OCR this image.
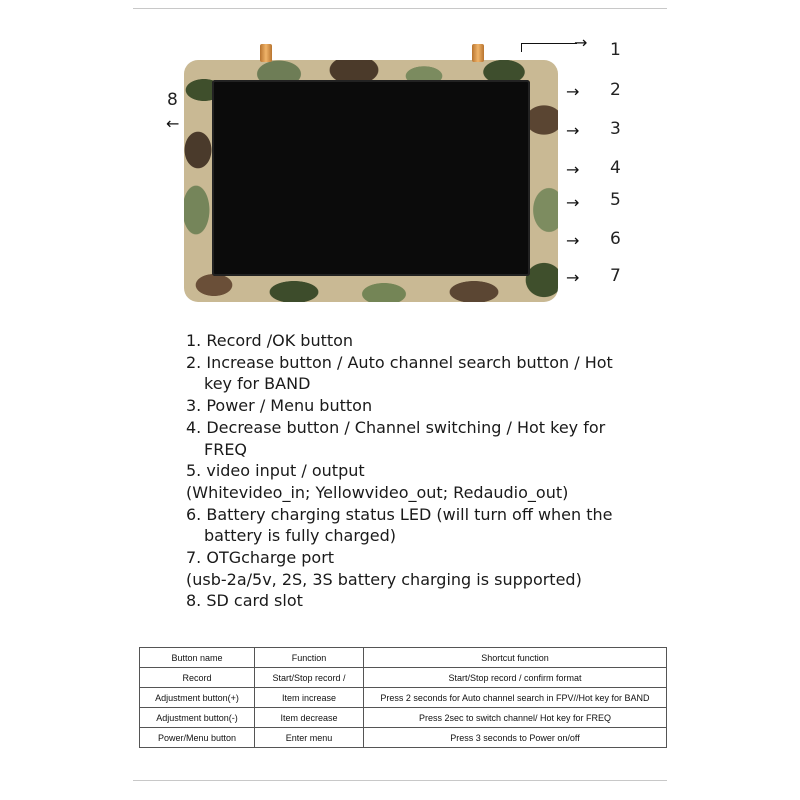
→ 1
→ 2
→ 3
→ 4
→ 5
→ 6
→ 7
8
←
1. Record /OK button
2. Increase button / Auto channel search button / Hot
key for BAND
3. Power / Menu button
4. Decrease button / Channel switching / Hot key for
FREQ
5. video input / output
(Whitevideo_in; Yellowvideo_out; Redaudio_out)
6. Battery charging status LED (will turn off when the
battery is fully charged)
7. OTGcharge port
(usb-2a/5v, 2S, 3S battery charging is supported)
8. SD card slot
Button name	Function	Shortcut function
Record	Start/Stop record /	Start/Stop record / confirm format
Adjustment button(+)	Item increase	Press 2 seconds for Auto channel search in FPV//Hot key for BAND
Adjustment button(-)	Item decrease	Press 2sec to switch channel/ Hot key for FREQ
Power/Menu button	Enter menu	Press 3 seconds to Power on/off
